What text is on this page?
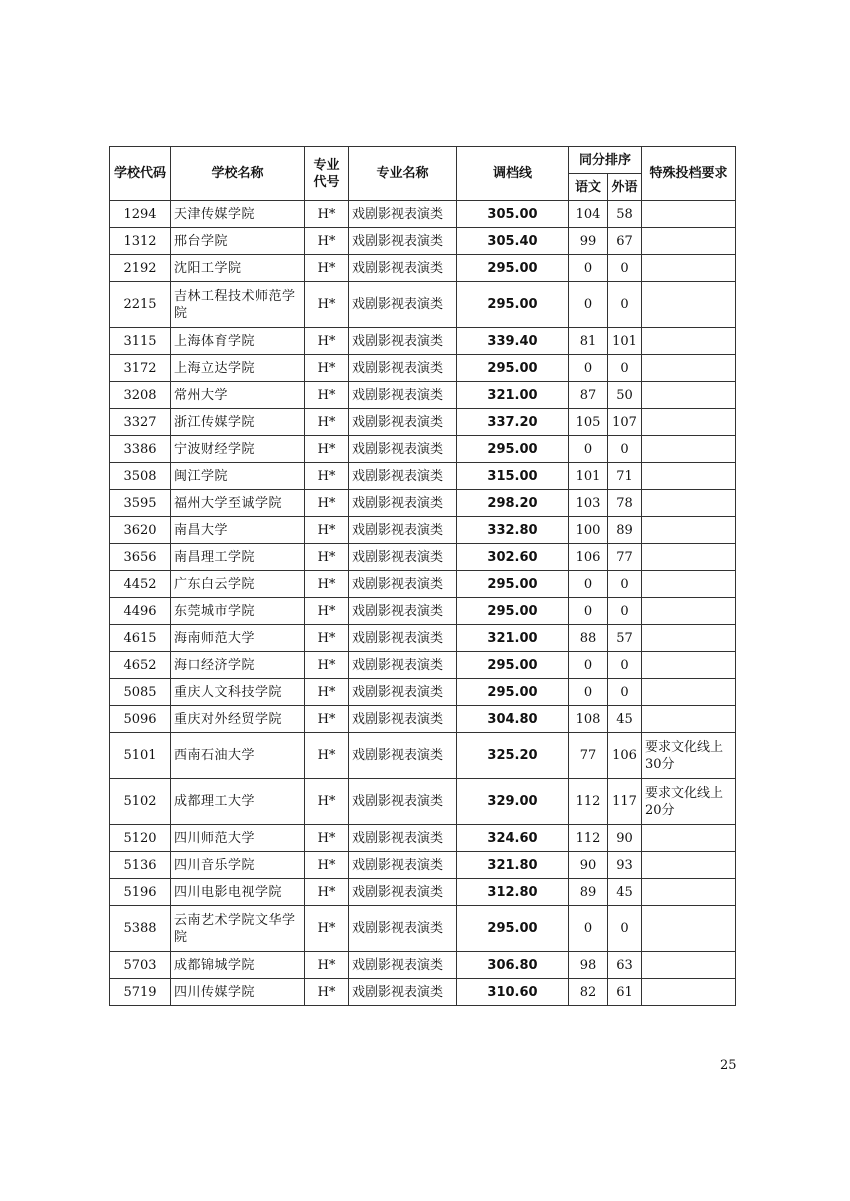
学校代码	学校名称	专业代号	专业名称	调档线	同分排序		特殊投档要求
					语文	外语	
1294	天津传媒学院	H*	戏剧影视表演类	305.00	104	58	
1312	邢台学院	H*	戏剧影视表演类	305.40	99	67	
2192	沈阳工学院	H*	戏剧影视表演类	295.00	0	0	
2215	吉林工程技术师范学院	H*	戏剧影视表演类	295.00	0	0	
3115	上海体育学院	H*	戏剧影视表演类	339.40	81	101	
3172	上海立达学院	H*	戏剧影视表演类	295.00	0	0	
3208	常州大学	H*	戏剧影视表演类	321.00	87	50	
3327	浙江传媒学院	H*	戏剧影视表演类	337.20	105	107	
3386	宁波财经学院	H*	戏剧影视表演类	295.00	0	0	
3508	闽江学院	H*	戏剧影视表演类	315.00	101	71	
3595	福州大学至诚学院	H*	戏剧影视表演类	298.20	103	78	
3620	南昌大学	H*	戏剧影视表演类	332.80	100	89	
3656	南昌理工学院	H*	戏剧影视表演类	302.60	106	77	
4452	广东白云学院	H*	戏剧影视表演类	295.00	0	0	
4496	东莞城市学院	H*	戏剧影视表演类	295.00	0	0	
4615	海南师范大学	H*	戏剧影视表演类	321.00	88	57	
4652	海口经济学院	H*	戏剧影视表演类	295.00	0	0	
5085	重庆人文科技学院	H*	戏剧影视表演类	295.00	0	0	
5096	重庆对外经贸学院	H*	戏剧影视表演类	304.80	108	45	
5101	西南石油大学	H*	戏剧影视表演类	325.20	77	106	要求文化线上30分
5102	成都理工大学	H*	戏剧影视表演类	329.00	112	117	要求文化线上20分
5120	四川师范大学	H*	戏剧影视表演类	324.60	112	90	
5136	四川音乐学院	H*	戏剧影视表演类	321.80	90	93	
5196	四川电影电视学院	H*	戏剧影视表演类	312.80	89	45	
5388	云南艺术学院文华学院	H*	戏剧影视表演类	295.00	0	0	
5703	成都锦城学院	H*	戏剧影视表演类	306.80	98	63	
5719	四川传媒学院	H*	戏剧影视表演类	310.60	82	61	
25
